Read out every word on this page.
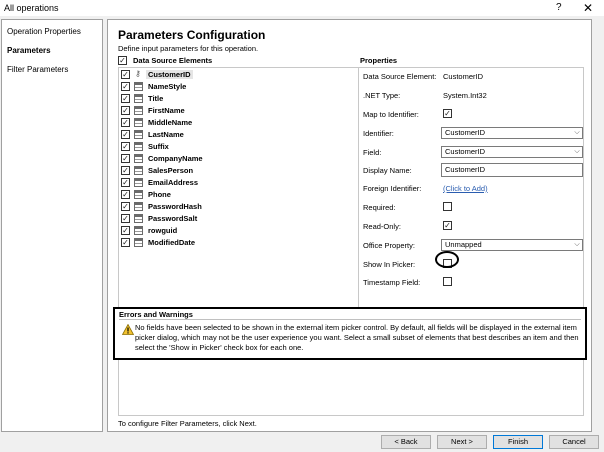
All operations	? ✕
Operation Properties
Parameters
Filter Parameters
Parameters Configuration
Define input parameters for this operation.
✓ Data Source Elements	Properties
✓ ⚷ CustomerID
✓	NameStyle
✓	Title
✓	FirstName
✓	MiddleName
✓	LastName
✓	Suffix
✓	CompanyName
✓	SalesPerson
✓	EmailAddress
✓	Phone
✓	PasswordHash
✓	PasswordSalt
✓	rowguid
✓	ModifiedDate
Data Source Element: CustomerID
.NET Type:	System.Int32
Map to Identifier:	✓
Identifier:	CustomerID	⌵
Field:	CustomerID	⌵
Display Name:	CustomerID
Foreign Identifier:	(Click to Add)
Required:
Read-Only:	✓
Office Property:	Unmapped	⌵
Show In Picker:
Timestamp Field:
Errors and Warnings
No fields have been selected to be shown in the external item picker control. By default, all fields will be displayed in the external item picker dialog, which may not be the user experience you want. Select a small subset of elements that best describes an item and then select the 'Show in Picker' check box for each one.
To configure Filter Parameters, click Next.
< Back	Next >	Finish	Cancel
